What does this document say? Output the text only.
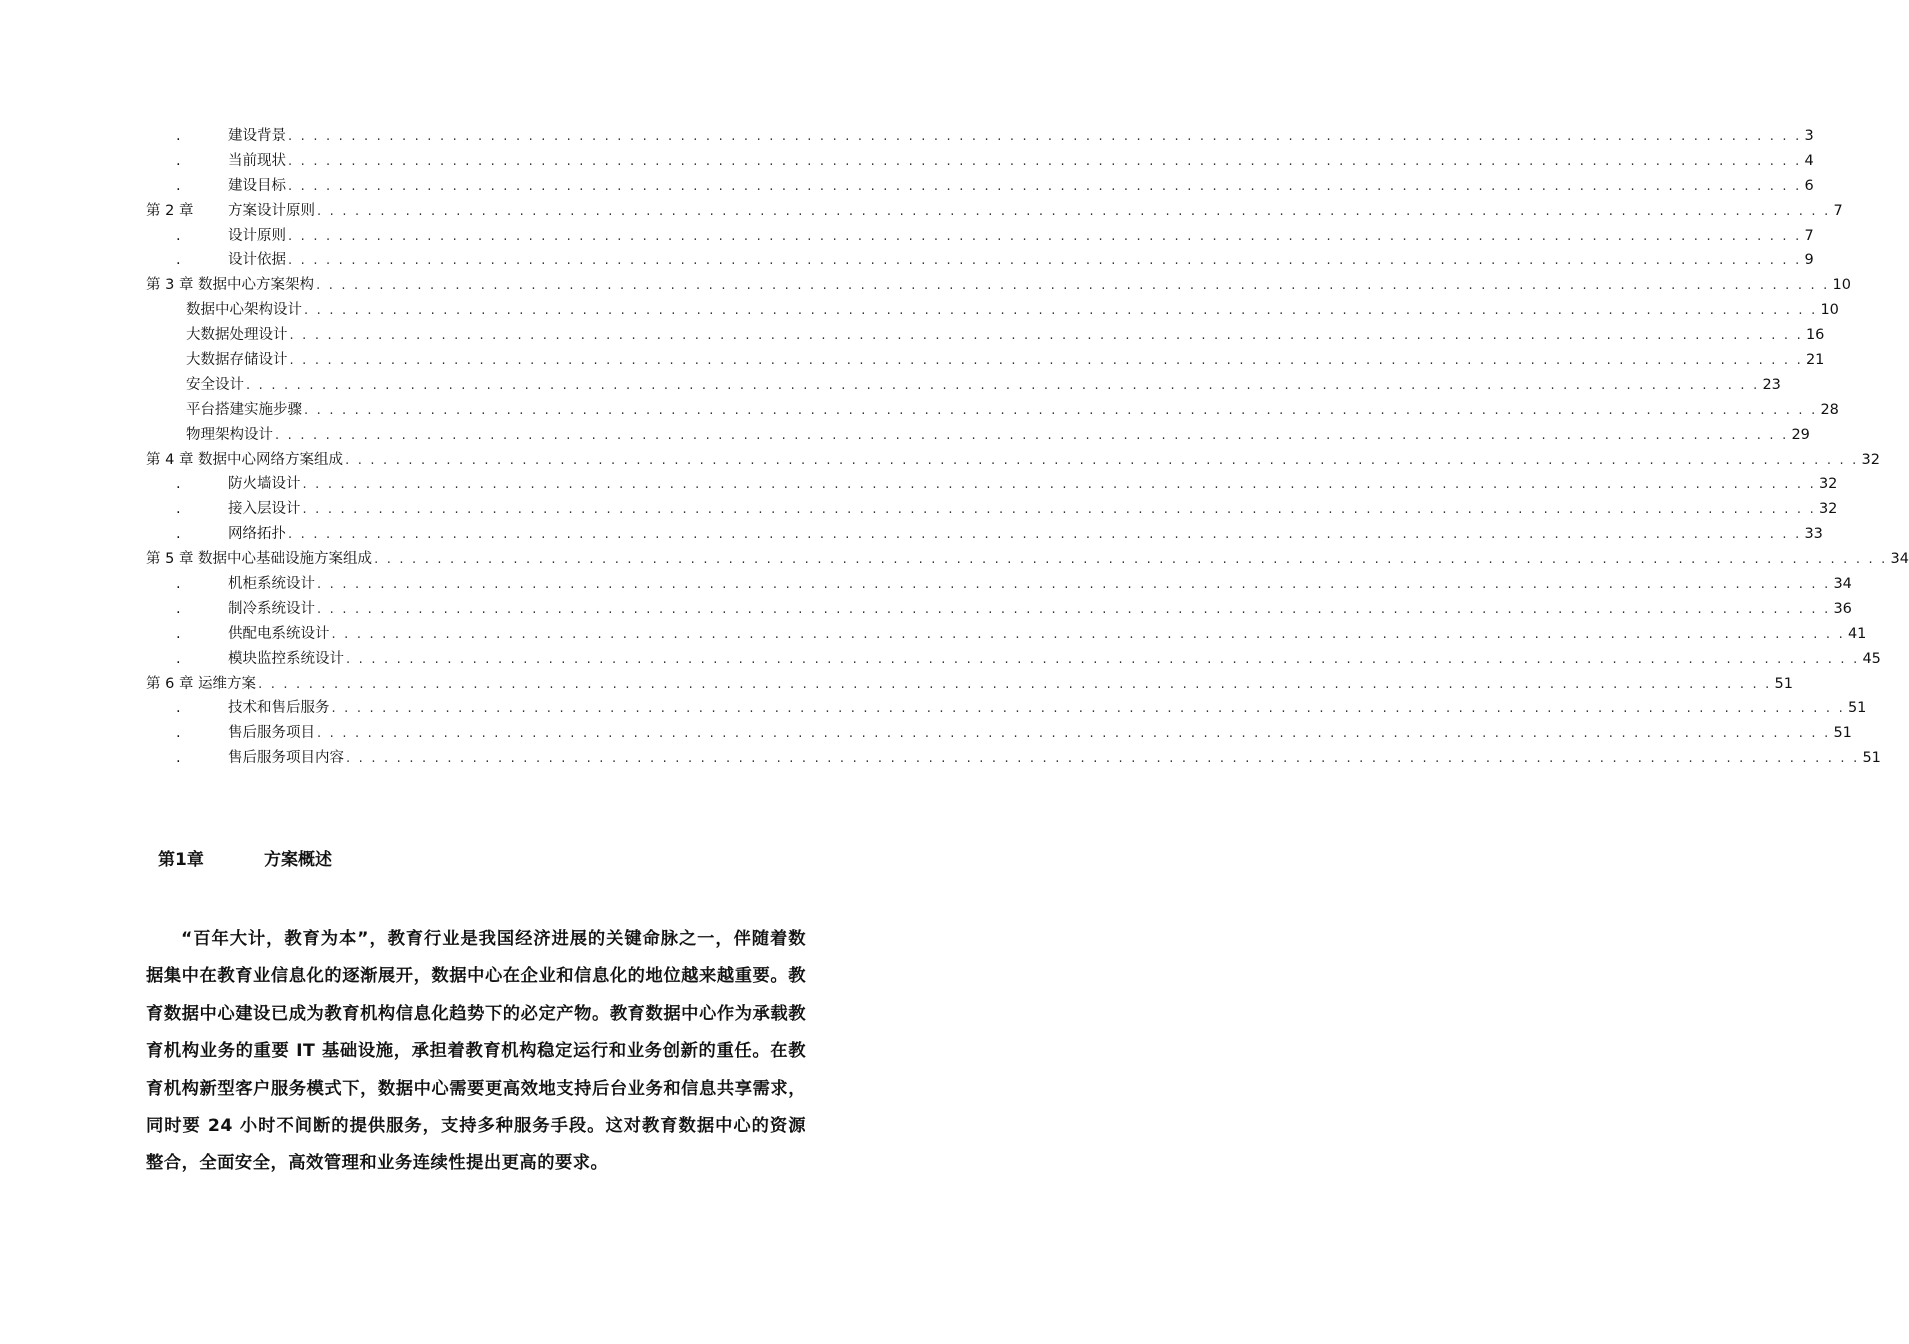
.	建设背景 . . . . . . . . . . . . . . . . . . . . . . . . . . . . . . . . . . . . . . . . . . . . . . . . . . . . . . . . . . . . . . . . . . . . . . . . . . . . . . . . . . . . . . . . . . . . . . . . . . . . . . . . . . . . . . . . . . . . . . . . 3
.	当前现状 . . . . . . . . . . . . . . . . . . . . . . . . . . . . . . . . . . . . . . . . . . . . . . . . . . . . . . . . . . . . . . . . . . . . . . . . . . . . . . . . . . . . . . . . . . . . . . . . . . . . . . . . . . . . . . . . . . . . . . . . 4
.	建设目标 . . . . . . . . . . . . . . . . . . . . . . . . . . . . . . . . . . . . . . . . . . . . . . . . . . . . . . . . . . . . . . . . . . . . . . . . . . . . . . . . . . . . . . . . . . . . . . . . . . . . . . . . . . . . . . . . . . . . . . . . 6
第 2 章 方案设计原则 . . . . . . . . . . . . . . . . . . . . . . . . . . . . . . . . . . . . . . . . . . . . . . . . . . . . . . . . . . . . . . . . . . . . . . . . . . . . . . . . . . . . . . . . . . . . . . . . . . . . . . . . . . . . . . . . . . . . . . . . 7
.	设计原则 . . . . . . . . . . . . . . . . . . . . . . . . . . . . . . . . . . . . . . . . . . . . . . . . . . . . . . . . . . . . . . . . . . . . . . . . . . . . . . . . . . . . . . . . . . . . . . . . . . . . . . . . . . . . . . . . . . . . . . . . 7
.	设计依据 . . . . . . . . . . . . . . . . . . . . . . . . . . . . . . . . . . . . . . . . . . . . . . . . . . . . . . . . . . . . . . . . . . . . . . . . . . . . . . . . . . . . . . . . . . . . . . . . . . . . . . . . . . . . . . . . . . . . . . . . 9
第 3 章 数据中心方案架构 . . . . . . . . . . . . . . . . . . . . . . . . . . . . . . . . . . . . . . . . . . . . . . . . . . . . . . . . . . . . . . . . . . . . . . . . . . . . . . . . . . . . . . . . . . . . . . . . . . . . . . . . . . . . . . . . . . . . . . . . 10
数据中心架构设计 . . . . . . . . . . . . . . . . . . . . . . . . . . . . . . . . . . . . . . . . . . . . . . . . . . . . . . . . . . . . . . . . . . . . . . . . . . . . . . . . . . . . . . . . . . . . . . . . . . . . . . . . . . . . . . . . . . . . . . . . 10
大数据处理设计 . . . . . . . . . . . . . . . . . . . . . . . . . . . . . . . . . . . . . . . . . . . . . . . . . . . . . . . . . . . . . . . . . . . . . . . . . . . . . . . . . . . . . . . . . . . . . . . . . . . . . . . . . . . . . . . . . . . . . . . . 16
大数据存储设计 . . . . . . . . . . . . . . . . . . . . . . . . . . . . . . . . . . . . . . . . . . . . . . . . . . . . . . . . . . . . . . . . . . . . . . . . . . . . . . . . . . . . . . . . . . . . . . . . . . . . . . . . . . . . . . . . . . . . . . . . 21
安全设计 . . . . . . . . . . . . . . . . . . . . . . . . . . . . . . . . . . . . . . . . . . . . . . . . . . . . . . . . . . . . . . . . . . . . . . . . . . . . . . . . . . . . . . . . . . . . . . . . . . . . . . . . . . . . . . . . . . . . . . . . 23
平台搭建实施步骤 . . . . . . . . . . . . . . . . . . . . . . . . . . . . . . . . . . . . . . . . . . . . . . . . . . . . . . . . . . . . . . . . . . . . . . . . . . . . . . . . . . . . . . . . . . . . . . . . . . . . . . . . . . . . . . . . . . . . . . . . 28
物理架构设计 . . . . . . . . . . . . . . . . . . . . . . . . . . . . . . . . . . . . . . . . . . . . . . . . . . . . . . . . . . . . . . . . . . . . . . . . . . . . . . . . . . . . . . . . . . . . . . . . . . . . . . . . . . . . . . . . . . . . . . . . 29
第 4 章 数据中心网络方案组成 . . . . . . . . . . . . . . . . . . . . . . . . . . . . . . . . . . . . . . . . . . . . . . . . . . . . . . . . . . . . . . . . . . . . . . . . . . . . . . . . . . . . . . . . . . . . . . . . . . . . . . . . . . . . . . . . . . . . . . . . 32
.	防火墙设计 . . . . . . . . . . . . . . . . . . . . . . . . . . . . . . . . . . . . . . . . . . . . . . . . . . . . . . . . . . . . . . . . . . . . . . . . . . . . . . . . . . . . . . . . . . . . . . . . . . . . . . . . . . . . . . . . . . . . . . . . 32
.	接入层设计 . . . . . . . . . . . . . . . . . . . . . . . . . . . . . . . . . . . . . . . . . . . . . . . . . . . . . . . . . . . . . . . . . . . . . . . . . . . . . . . . . . . . . . . . . . . . . . . . . . . . . . . . . . . . . . . . . . . . . . . . 32
.	网络拓扑 . . . . . . . . . . . . . . . . . . . . . . . . . . . . . . . . . . . . . . . . . . . . . . . . . . . . . . . . . . . . . . . . . . . . . . . . . . . . . . . . . . . . . . . . . . . . . . . . . . . . . . . . . . . . . . . . . . . . . . . . 33
第 5 章 数据中心基础设施方案组成 . . . . . . . . . . . . . . . . . . . . . . . . . . . . . . . . . . . . . . . . . . . . . . . . . . . . . . . . . . . . . . . . . . . . . . . . . . . . . . . . . . . . . . . . . . . . . . . . . . . . . . . . . . . . . . . . . . . . . . . . 34
.	机柜系统设计 . . . . . . . . . . . . . . . . . . . . . . . . . . . . . . . . . . . . . . . . . . . . . . . . . . . . . . . . . . . . . . . . . . . . . . . . . . . . . . . . . . . . . . . . . . . . . . . . . . . . . . . . . . . . . . . . . . . . . . . . 34
.	制冷系统设计 . . . . . . . . . . . . . . . . . . . . . . . . . . . . . . . . . . . . . . . . . . . . . . . . . . . . . . . . . . . . . . . . . . . . . . . . . . . . . . . . . . . . . . . . . . . . . . . . . . . . . . . . . . . . . . . . . . . . . . . . 36
.	供配电系统设计 . . . . . . . . . . . . . . . . . . . . . . . . . . . . . . . . . . . . . . . . . . . . . . . . . . . . . . . . . . . . . . . . . . . . . . . . . . . . . . . . . . . . . . . . . . . . . . . . . . . . . . . . . . . . . . . . . . . . . . . . 41
.	模块监控系统设计 . . . . . . . . . . . . . . . . . . . . . . . . . . . . . . . . . . . . . . . . . . . . . . . . . . . . . . . . . . . . . . . . . . . . . . . . . . . . . . . . . . . . . . . . . . . . . . . . . . . . . . . . . . . . . . . . . . . . . . . . 45
第 6 章 运维方案 . . . . . . . . . . . . . . . . . . . . . . . . . . . . . . . . . . . . . . . . . . . . . . . . . . . . . . . . . . . . . . . . . . . . . . . . . . . . . . . . . . . . . . . . . . . . . . . . . . . . . . . . . . . . . . . . . . . . . . . . 51
.	技术和售后服务 . . . . . . . . . . . . . . . . . . . . . . . . . . . . . . . . . . . . . . . . . . . . . . . . . . . . . . . . . . . . . . . . . . . . . . . . . . . . . . . . . . . . . . . . . . . . . . . . . . . . . . . . . . . . . . . . . . . . . . . . 51
.	售后服务项目 . . . . . . . . . . . . . . . . . . . . . . . . . . . . . . . . . . . . . . . . . . . . . . . . . . . . . . . . . . . . . . . . . . . . . . . . . . . . . . . . . . . . . . . . . . . . . . . . . . . . . . . . . . . . . . . . . . . . . . . . 51
.	售后服务项目内容 . . . . . . . . . . . . . . . . . . . . . . . . . . . . . . . . . . . . . . . . . . . . . . . . . . . . . . . . . . . . . . . . . . . . . . . . . . . . . . . . . . . . . . . . . . . . . . . . . . . . . . . . . . . . . . . . . . . . . . . . 51
第1章	方案概述

“百年大计，教育为本”，教育行业是我国经济进展的关键命脉之一，伴随着数据集中在教育业信息化的逐渐展开，数据中心在企业和信息化的地位越来越重要。教育数据中心建设已成为教育机构信息化趋势下的必定产物。教育数据中心作为承载教育机构业务的重要 IT 基础设施，承担着教育机构稳定运行和业务创新的重任。在教育机构新型客户服务模式下，数据中心需要更高效地支持后台业务和信息共享需求，同时要 24 小时不间断的提供服务，支持多种服务手段。这对教育数据中心的资源整合，全面安全，高效管理和业务连续性提出更高的要求。
